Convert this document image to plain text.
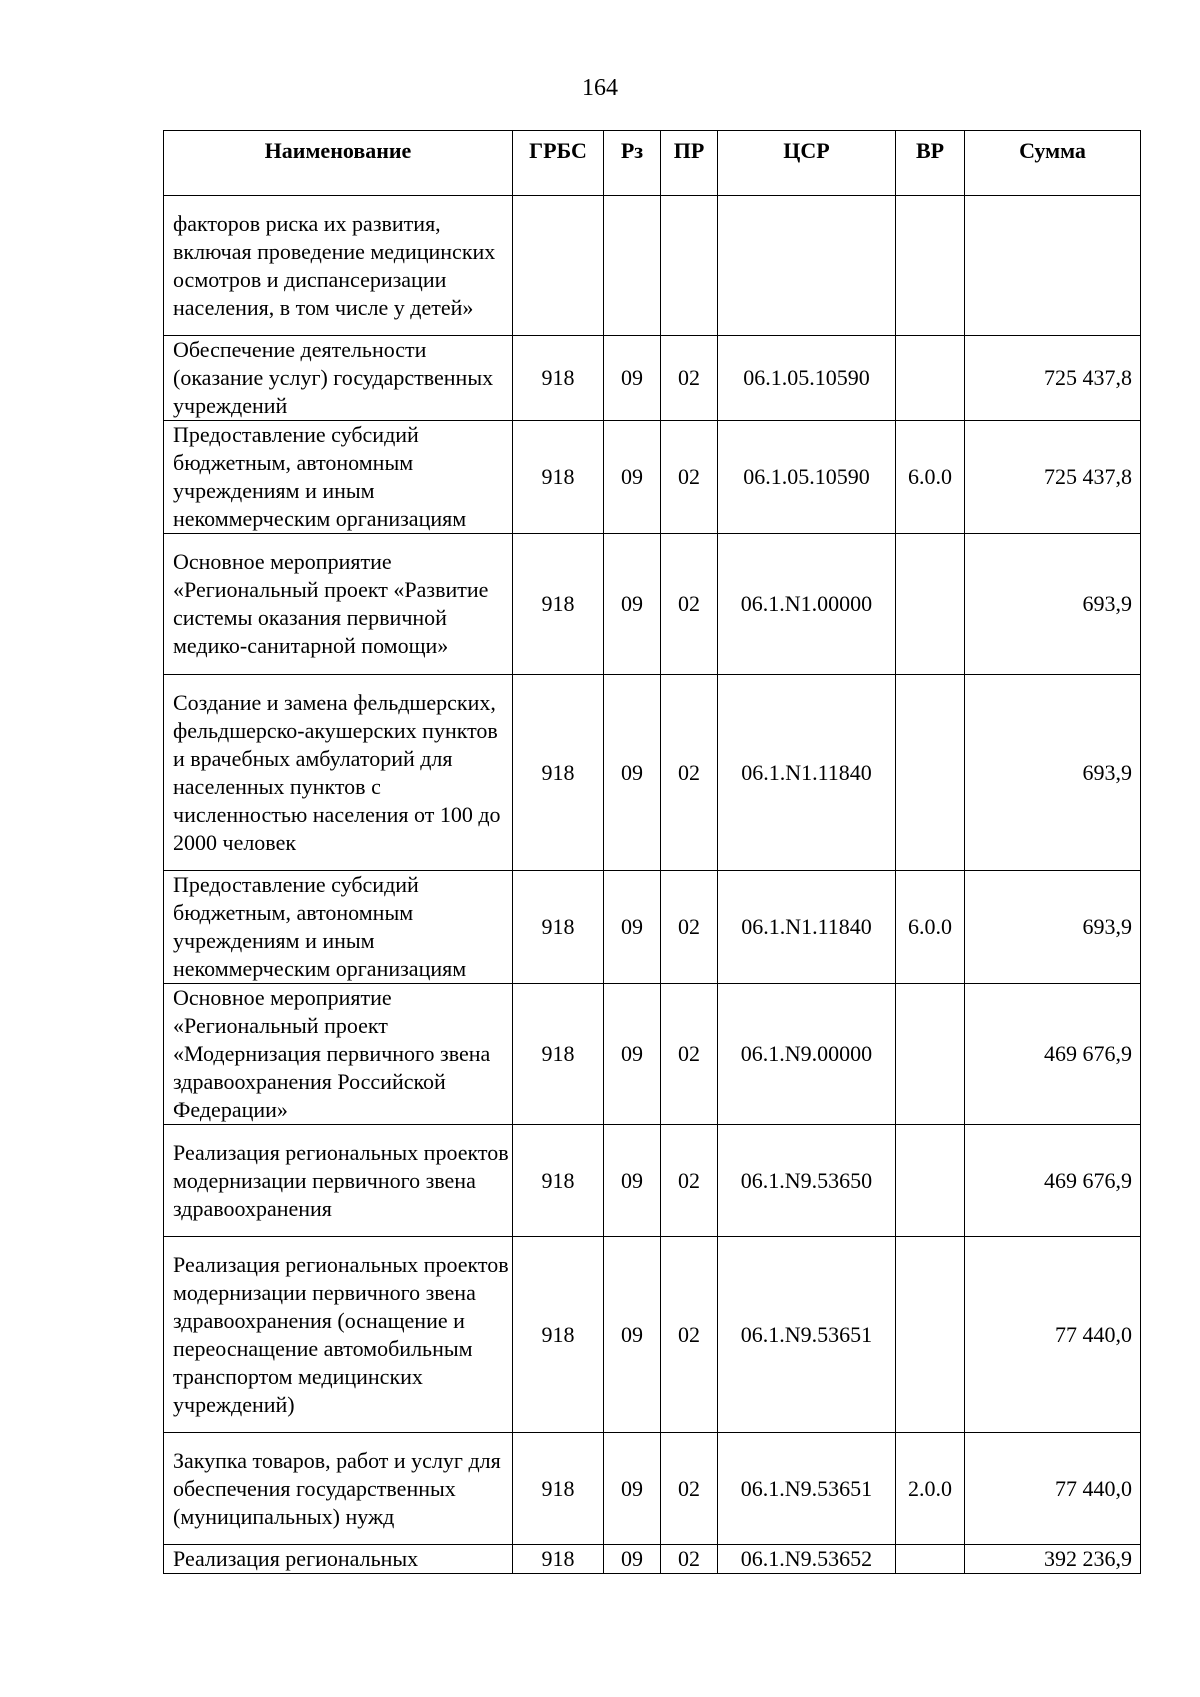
164
Наименование	ГРБС	Рз	ПР	ЦСР	ВР	Сумма
факторов риска их развития, включая проведение медицинских осмотров и диспансеризации населения, в том числе у детей»						
Обеспечение деятельности (оказание услуг) государственных учреждений	918	09	02	06.1.05.10590		725 437,8
Предоставление субсидий бюджетным, автономным учреждениям и иным некоммерческим организациям	918	09	02	06.1.05.10590	6.0.0	725 437,8
Основное мероприятие «Региональный проект «Развитие системы оказания первичной медико-санитарной помощи»	918	09	02	06.1.N1.00000		693,9
Создание и замена фельдшерских, фельдшерско-акушерских пунктов и врачебных амбулаторий для населенных пунктов с численностью населения от 100 до 2000 человек	918	09	02	06.1.N1.11840		693,9
Предоставление субсидий бюджетным, автономным учреждениям и иным некоммерческим организациям	918	09	02	06.1.N1.11840	6.0.0	693,9
Основное мероприятие «Региональный проект «Модернизация первичного звена здравоохранения Российской Федерации»	918	09	02	06.1.N9.00000		469 676,9
Реализация региональных проектов модернизации первичного звена здравоохранения	918	09	02	06.1.N9.53650		469 676,9
Реализация региональных проектов модернизации первичного звена здравоохранения (оснащение и переоснащение автомобильным транспортом медицинских учреждений)	918	09	02	06.1.N9.53651		77 440,0
Закупка товаров, работ и услуг для обеспечения государственных (муниципальных) нужд	918	09	02	06.1.N9.53651	2.0.0	77 440,0
Реализация региональных	918	09	02	06.1.N9.53652		392 236,9
